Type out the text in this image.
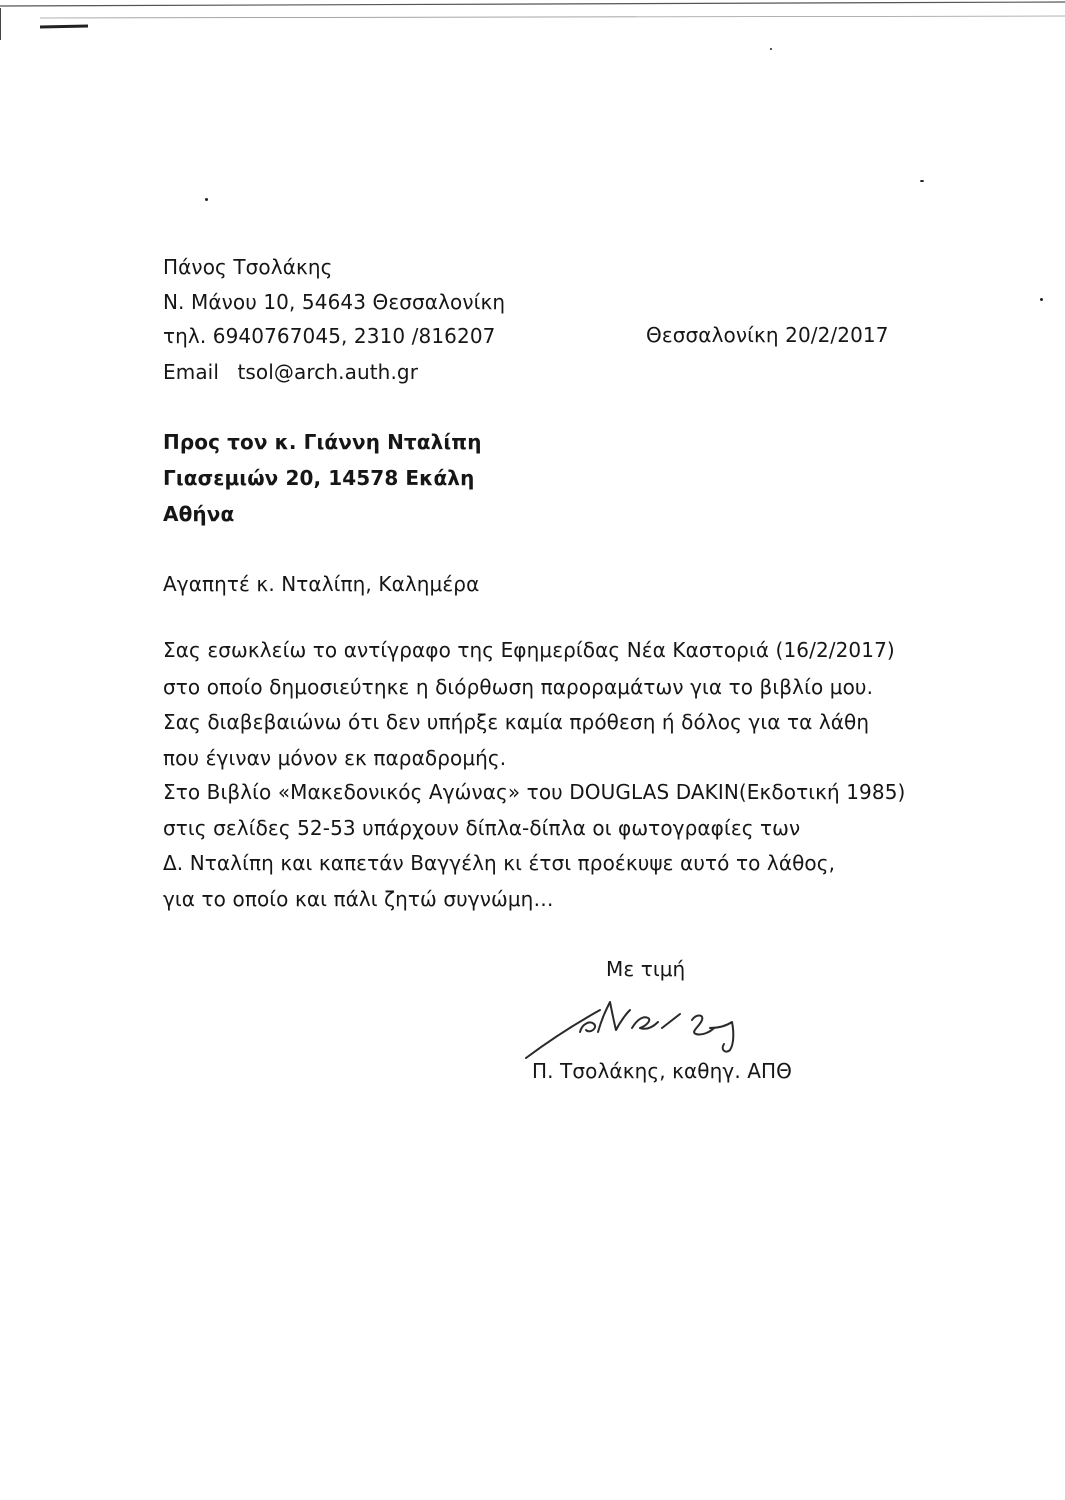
Πάνος Τσολάκης
Ν. Μάνου 10, 54643 Θεσσαλονίκη
τηλ. 6940767045, 2310 /816207
Email tsol@arch.auth.gr
Θεσσαλονίκη 20/2/2017
Προς τον κ. Γιάννη Νταλίπη
Γιασεμιών 20, 14578 Εκάλη
Αθήνα
Αγαπητέ κ. Νταλίπη, Καλημέρα
Σας εσωκλείω το αντίγραφο της Εφημερίδας Νέα Καστοριά (16/2/2017)
στο οποίο δημοσιεύτηκε η διόρθωση παροραμάτων για το βιβλίο μου.
Σας διαβεβαιώνω ότι δεν υπήρξε καμία πρόθεση ή δόλος για τα λάθη
που έγιναν μόνον εκ παραδρομής.
Στο Βιβλίο «Μακεδονικός Αγώνας» του DOUGLAS DAKIN(Εκδοτική 1985)
στις σελίδες 52-53 υπάρχουν δίπλα-δίπλα οι φωτογραφίες των
Δ. Νταλίπη και καπετάν Βαγγέλη κι έτσι προέκυψε αυτό το λάθος,
για το οποίο και πάλι ζητώ συγνώμη…
Με τιμή
Π. Τσολάκης, καθηγ. ΑΠΘ
